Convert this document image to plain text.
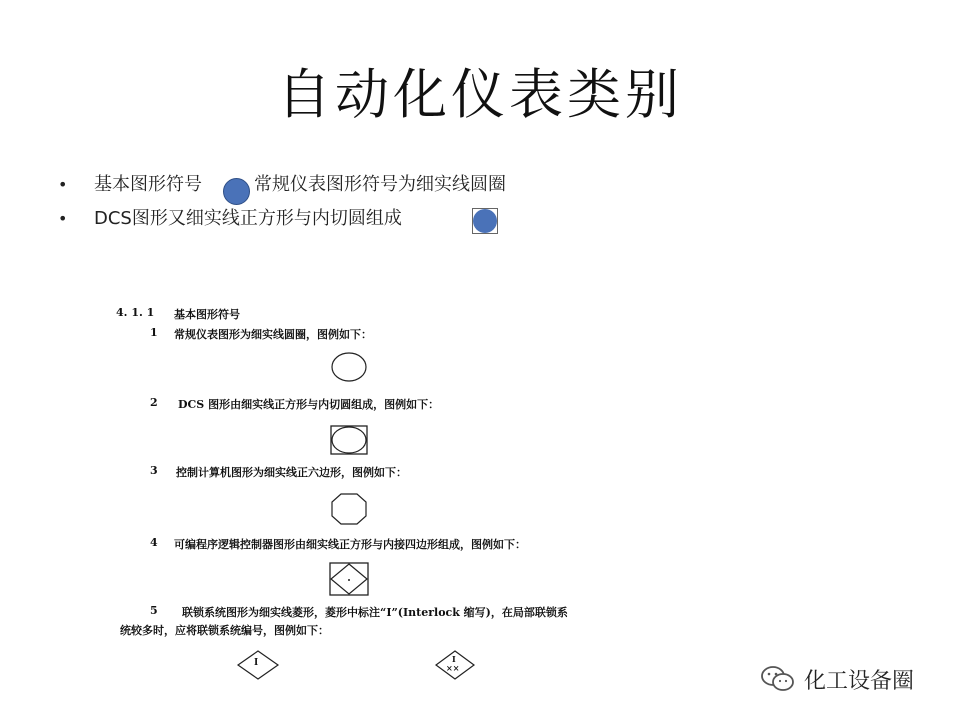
自动化仪表类别
• 基本图形符号	常规仪表图形符号为细实线圆圈
• DCS图形又细实线正方形与内切圆组成
4. 1. 1 基本图形符号
1 常规仪表图形为细实线圆圈，图例如下：
2 DCS 图形由细实线正方形与内切圆组成，图例如下：
3 控制计算机图形为细实线正六边形，图例如下：
4 可编程序逻辑控制器图形由细实线正方形与内接四边形组成，图例如下：
5 联锁系统图形为细实线菱形，菱形中标注“I”(Interlock 缩写)，在局部联锁系
统较多时，应将联锁系统编号，图例如下：
I	I
××
化工设备圈
